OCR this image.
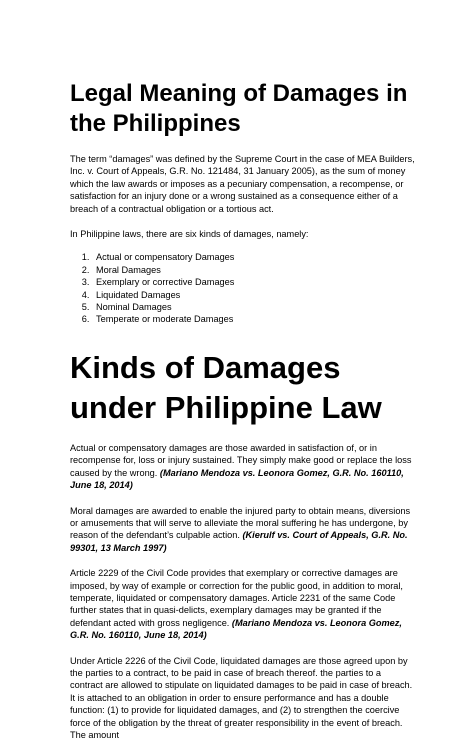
Legal Meaning of Damages in the Philippines

The term “damages” was defined by the Supreme Court in the case of MEA Builders, Inc. v. Court of Appeals, G.R. No. 121484, 31 January 2005), as the sum of money which the law awards or imposes as a pecuniary compensation, a recompense, or satisfaction for an injury done or a wrong sustained as a consequence either of a breach of a contractual obligation or a tortious act.

In Philippine laws, there are six kinds of damages, namely:

1. Actual or compensatory Damages
2. Moral Damages
3. Exemplary or corrective Damages
4. Liquidated Damages
5. Nominal Damages
6. Temperate or moderate Damages
Kinds of Damages under Philippine Law

Actual or compensatory damages are those awarded in satisfaction of, or in recompense for, loss or injury sustained. They simply make good or replace the loss caused by the wrong. (Mariano Mendoza vs. Leonora Gomez, G.R. No. 160110, June 18, 2014)

Moral damages are awarded to enable the injured party to obtain means, diversions or amusements that will serve to alleviate the moral suffering he has undergone, by reason of the defendant’s culpable action. (Kierulf vs. Court of Appeals, G.R. No. 99301, 13 March 1997)

Article 2229 of the Civil Code provides that exemplary or corrective damages are imposed, by way of example or correction for the public good, in addition to moral, temperate, liquidated or compensatory damages. Article 2231 of the same Code further states that in quasi-delicts, exemplary damages may be granted if the defendant acted with gross negligence. (Mariano Mendoza vs. Leonora Gomez, G.R. No. 160110, June 18, 2014)

Under Article 2226 of the Civil Code, liquidated damages are those agreed upon by the parties to a contract, to be paid in case of breach thereof. the parties to a contract are allowed to stipulate on liquidated damages to be paid in case of breach. It is attached to an obligation in order to ensure performance and has a double function: (1) to provide for liquidated damages, and (2) to strengthen the coercive force of the obligation by the threat of greater responsibility in the event of breach. The amount
